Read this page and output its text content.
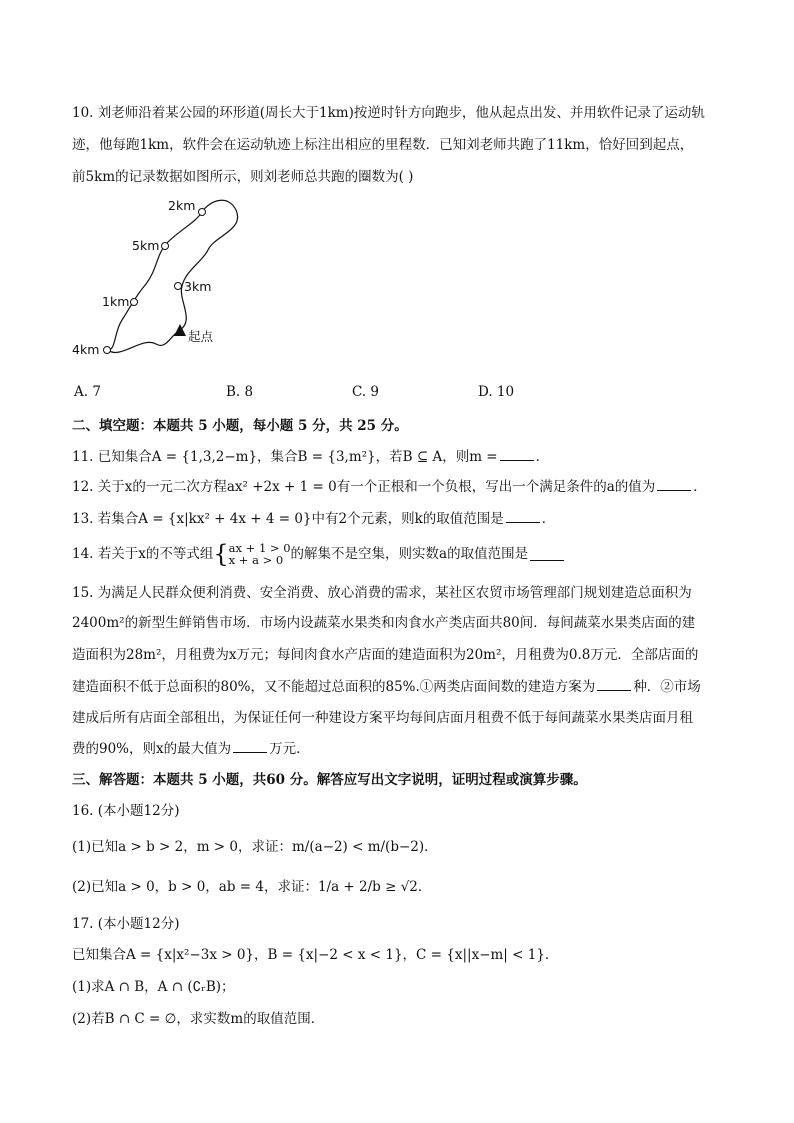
10. 刘老师沿着某公园的环形道(周长大于1km)按逆时针方向跑步，他从起点出发、并用软件记录了运动轨
迹，他每跑1km，软件会在运动轨迹上标注出相应的里程数．已知刘老师共跑了11km，恰好回到起点，
前5km的记录数据如图所示，则刘老师总共跑的圈数为( )
2km
5km
3km
1km
4km
起点
A. 7	B. 8	C. 9	D. 10
二、填空题：本题共 5 小题，每小题 5 分，共 25 分。
11. 已知集合A = {1,3,2−m}，集合B = {3,m²}，若B ⊆ A，则m =	．
12. 关于x的一元二次方程ax² +2x + 1 = 0有一个正根和一个负根，写出一个满足条件的a的值为	．
13. 若集合A = {x|kx² + 4x + 4 = 0}中有2个元素，则k的取值范围是	．
14. 若关于x的不等式组{ ax + 1 > 0
x + a > 0 的解集不是空集，则实数a的取值范围是
15. 为满足人民群众便利消费、安全消费、放心消费的需求，某社区农贸市场管理部门规划建造总面积为
2400m²的新型生鲜销售市场．市场内设蔬菜水果类和肉食水产类店面共80间．每间蔬菜水果类店面的建
造面积为28m²，月租费为x万元；每间肉食水产店面的建造面积为20m²，月租费为0.8万元．全部店面的
建造面积不低于总面积的80%，又不能超过总面积的85%.①两类店面间数的建造方案为	种．②市场
建成后所有店面全部租出，为保证任何一种建设方案平均每间店面月租费不低于每间蔬菜水果类店面月租
费的90%，则x的最大值为	万元．
三、解答题：本题共 5 小题，共60 分。解答应写出文字说明，证明过程或演算步骤。
16. (本小题12分)
(1)已知a > b > 2，m > 0，求证：m/(a−2) < m/(b−2)．
(2)已知a > 0，b > 0，ab = 4，求证：1/a + 2/b ≥ √2．
17. (本小题12分)
已知集合A = {x|x²−3x > 0}，B = {x|−2 < x < 1}，C = {x||x−m| < 1}．
(1)求A ∩ B，A ∩ (∁ᵣB)；
(2)若B ∩ C = ∅，求实数m的取值范围．
